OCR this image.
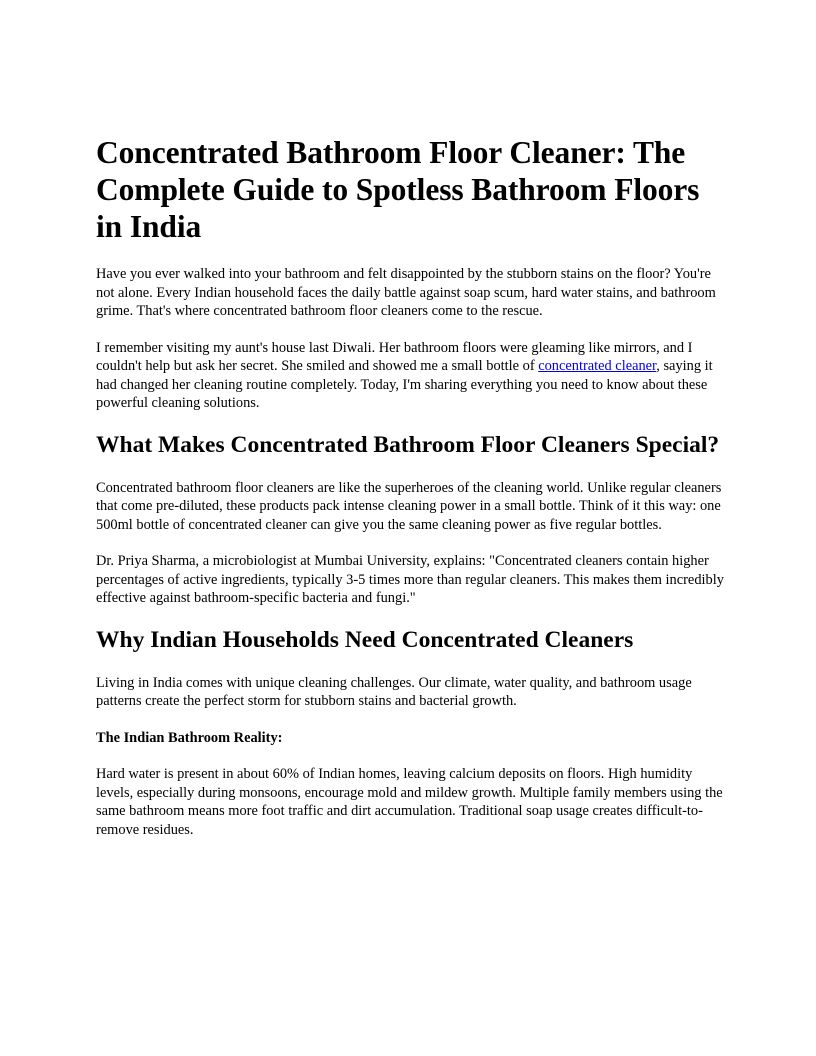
Concentrated Bathroom Floor Cleaner: The Complete Guide to Spotless Bathroom Floors in India

Have you ever walked into your bathroom and felt disappointed by the stubborn stains on the floor? You're not alone. Every Indian household faces the daily battle against soap scum, hard water stains, and bathroom grime. That's where concentrated bathroom floor cleaners come to the rescue.

I remember visiting my aunt's house last Diwali. Her bathroom floors were gleaming like mirrors, and I couldn't help but ask her secret. She smiled and showed me a small bottle of concentrated cleaner, saying it had changed her cleaning routine completely. Today, I'm sharing everything you need to know about these powerful cleaning solutions.

What Makes Concentrated Bathroom Floor Cleaners Special?

Concentrated bathroom floor cleaners are like the superheroes of the cleaning world. Unlike regular cleaners that come pre-diluted, these products pack intense cleaning power in a small bottle. Think of it this way: one 500ml bottle of concentrated cleaner can give you the same cleaning power as five regular bottles.

Dr. Priya Sharma, a microbiologist at Mumbai University, explains: "Concentrated cleaners contain higher percentages of active ingredients, typically 3-5 times more than regular cleaners. This makes them incredibly effective against bathroom-specific bacteria and fungi."

Why Indian Households Need Concentrated Cleaners

Living in India comes with unique cleaning challenges. Our climate, water quality, and bathroom usage patterns create the perfect storm for stubborn stains and bacterial growth.

The Indian Bathroom Reality:

Hard water is present in about 60% of Indian homes, leaving calcium deposits on floors. High humidity levels, especially during monsoons, encourage mold and mildew growth. Multiple family members using the same bathroom means more foot traffic and dirt accumulation. Traditional soap usage creates difficult-to-remove residues.
